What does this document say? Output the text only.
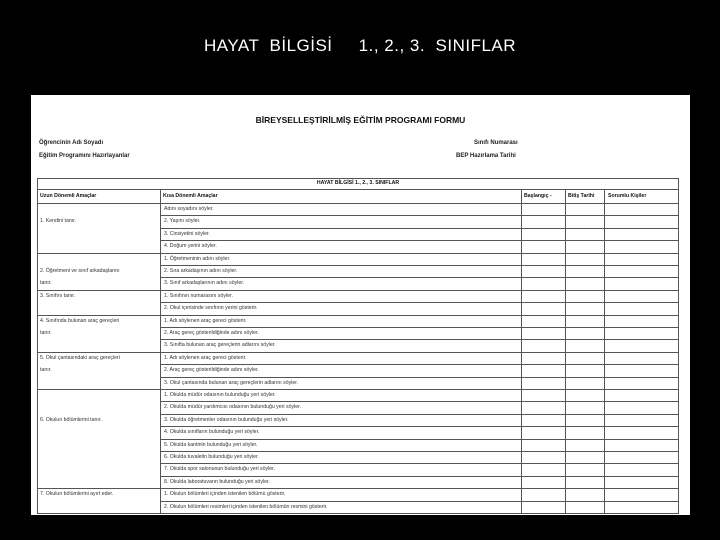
HAYAT  BİLGİSİ     1., 2., 3.  SINIFLAR
BİREYSELLEŞTİRİLMİŞ EĞİTİM PROGRAMI FORMU
Öğrencinin Adı Soyadı
Eğitim Programını Hazırlayanlar
Sınıfı Numarası
BEP Hazırlama Tarihi
HAYAT BİLGİSİ 1., 2., 3. SINIFLAR
Uzun Dönemli Amaçlar	Kısa Dönemli Amaçlar	Başlangıç -	Bitiş Tarihi	Sorumlu Kişiler
Adını soyadını söyler.
1. Kendini tanır.	2. Yaşını söyler.
3. Cinsiyetini söyler.
4. Doğum yerini söyler.
1. Öğretmeninin adını söyler.
2. Öğretmeni ve sınıf arkadaşlarını	2. Sıra arkadaşının adını söyler.
tanır.	3. Sınıf arkadaşlarının adını söyler.
3. Sınıfını tanır.	1. Sınıfının numarasını söyler.
2. Okul içerisinde sınıfının yerini gösterir.
4. Sınıfında bulunan araç gereçleri	1. Adı söylenen araç gereci gösterir.
tanır.	2. Araç gereç gösterildiğinde adını söyler.
3. Sınıfta bulunan araç gereçlerin adlarını söyler.
5. Okul çantasındaki araç gereçleri	1. Adı söylenen araç gereci gösterir.
tanır.	2. Araç gereç gösterildiğinde adını söyler.
3. Okul çantasında bulunan araç gereçlerin adlarını söyler.
1. Okulda müdür odasının bulunduğu yeri söyler.
2. Okulda müdür yardımcısı odasının bulunduğu yeri söyler.
6. Okulun bölümlerini tanır.	3. Okulda öğretmenler odasının bulunduğu yeri söyler.
4. Okulda sınıfların bulunduğu yeri söyler.
5. Okulda kantinin bulunduğu yeri söyler.
6. Okulda tuvaletin bulunduğu yeri söyler.
7. Okulda spor salonunun bulunduğu yeri söyler.
8. Okulda laboratuvarın bulunduğu yeri söyler.
7. Okulun bölümlerini ayırt eder.	1. Okulun bölümleri içinden istenilen bölümü gösterir.
2. Okulun bölümleri resimleri içinden istenilen bölümün resmini gösterir.
